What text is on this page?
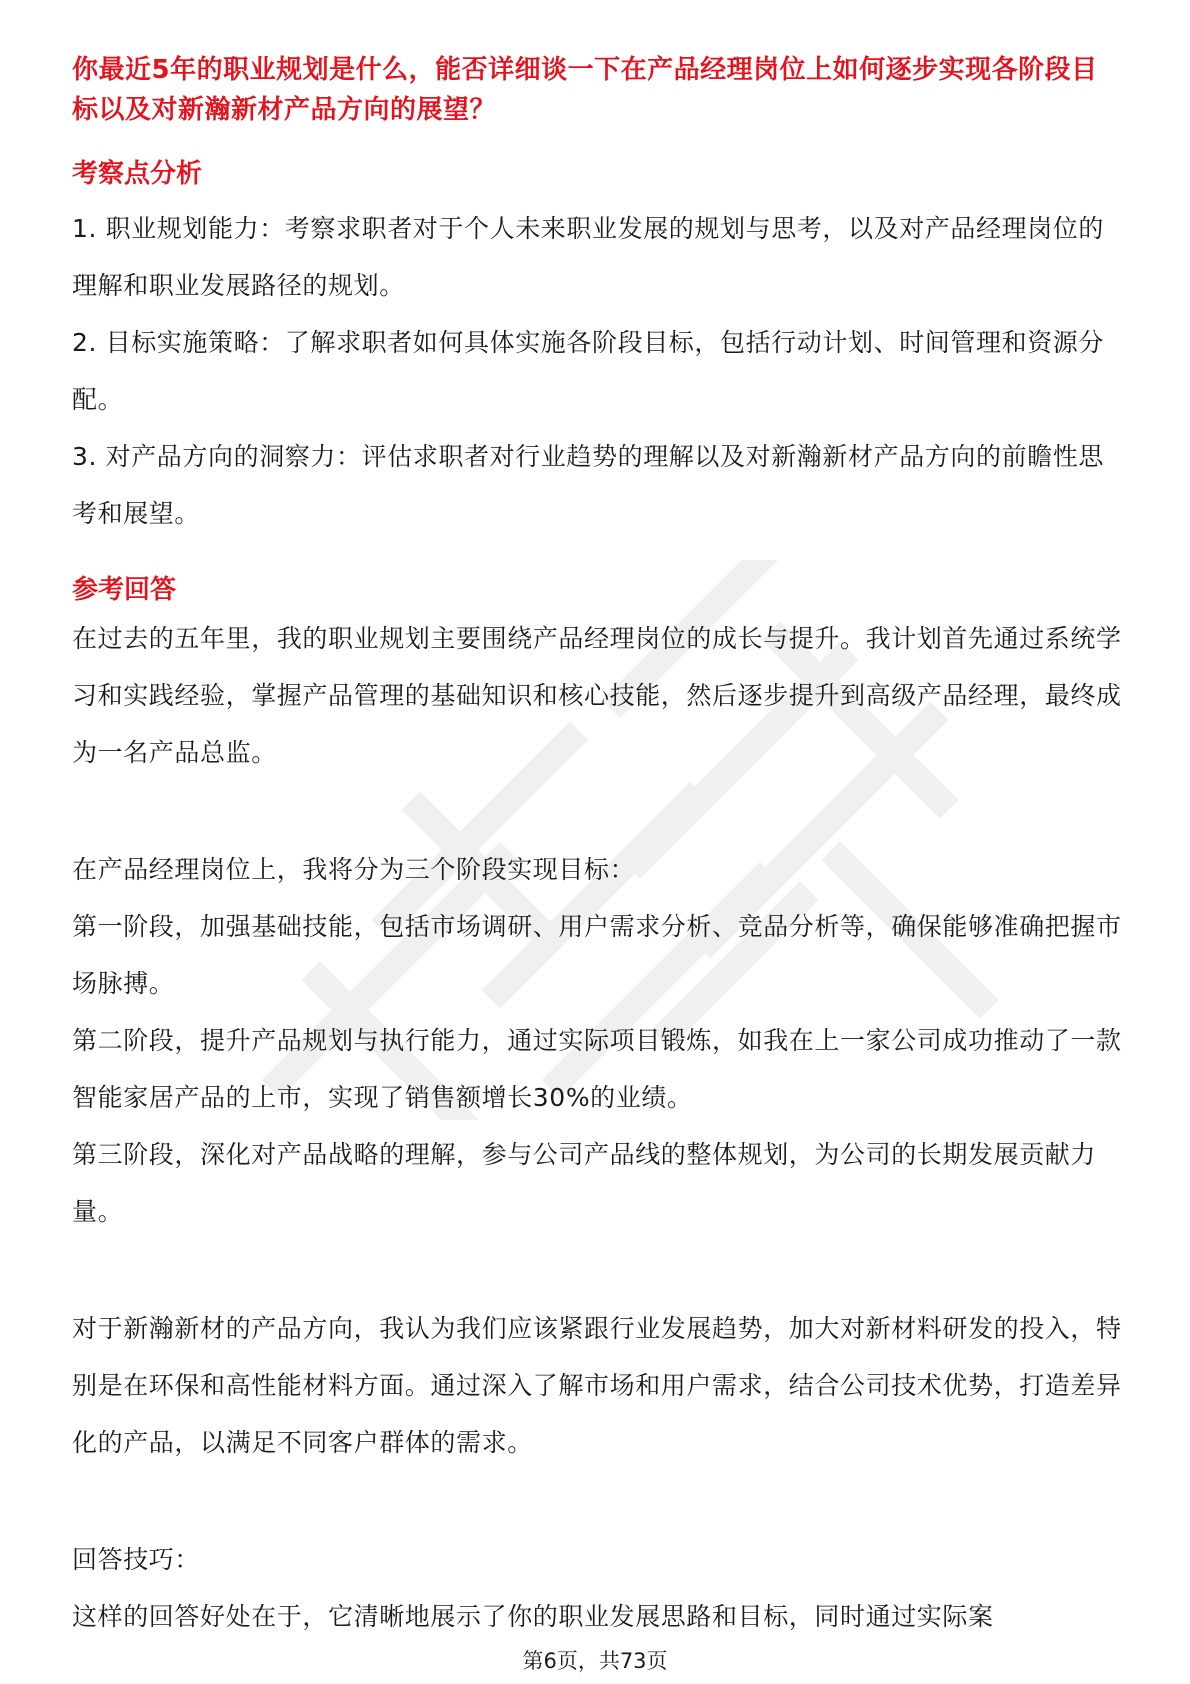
你最近5年的职业规划是什么，能否详细谈一下在产品经理岗位上如何逐步实现各阶段目标以及对新瀚新材产品方向的展望？

考察点分析

1. 职业规划能力：考察求职者对于个人未来职业发展的规划与思考，以及对产品经理岗位的理解和职业发展路径的规划。

2. 目标实施策略：了解求职者如何具体实施各阶段目标，包括行动计划、时间管理和资源分配。

3. 对产品方向的洞察力：评估求职者对行业趋势的理解以及对新瀚新材产品方向的前瞻性思考和展望。

参考回答

在过去的五年里，我的职业规划主要围绕产品经理岗位的成长与提升。我计划首先通过系统学习和实践经验，掌握产品管理的基础知识和核心技能，然后逐步提升到高级产品经理，最终成为一名产品总监。

在产品经理岗位上，我将分为三个阶段实现目标：

第一阶段，加强基础技能，包括市场调研、用户需求分析、竞品分析等，确保能够准确把握市场脉搏。

第二阶段，提升产品规划与执行能力，通过实际项目锻炼，如我在上一家公司成功推动了一款智能家居产品的上市，实现了销售额增长30%的业绩。

第三阶段，深化对产品战略的理解，参与公司产品线的整体规划，为公司的长期发展贡献力量。

对于新瀚新材的产品方向，我认为我们应该紧跟行业发展趋势，加大对新材料研发的投入，特别是在环保和高性能材料方面。通过深入了解市场和用户需求，结合公司技术优势，打造差异化的产品，以满足不同客户群体的需求。

回答技巧：

这样的回答好处在于，它清晰地展示了你的职业发展思路和目标，同时通过实际案

第6页，共73页
